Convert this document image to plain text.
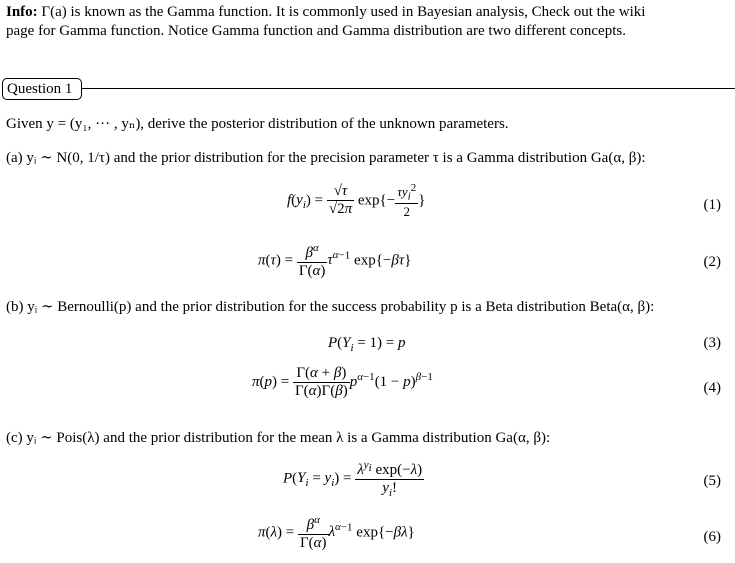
Info: Γ(a) is known as the Gamma function. It is commonly used in Bayesian analysis, Check out the wiki
page for Gamma function. Notice Gamma function and Gamma distribution are two different concepts.
Question 1
Given y = (y₁, ··· , yₙ), derive the posterior distribution of the unknown parameters.
(a) yᵢ ∼ N(0, 1/τ) and the prior distribution for the precision parameter τ is a Gamma distribution Ga(α, β):
$f(y_i) = \frac{√\tau}{√2\pi} \exp\{- \frac{\tau y_i^2}{2}$ }	(1)
$\pi(\tau) = \frac{\beta^\alpha}{\Gamma(\alpha)} \tau^{\alpha-1}$ exp{−βτ}	(2)
(b) yᵢ ∼ Bernoulli(p) and the prior distribution for the success probability p is a Beta distribution Beta(α, β):
$P(Y_i = 1) = p$	(3)
$\pi(p) = \frac{\Gamma(\alpha + \beta)}{\Gamma(\alpha)\Gamma(\beta)} p^{\alpha-1}(1 - p)^{\beta-1}$
(4)
(c) yᵢ ∼ Pois(λ) and the prior distribution for the mean λ is a Gamma distribution Ga(α, β):
$P(Y_i = y_i) = \frac{\lambda^{y_i} \exp(-\lambda)}{y_i!}$	(5)
$\pi(\lambda) = \frac{\beta^\alpha}{\Gamma(\alpha)} \lambda^{\alpha-1}$ exp{−βλ}	(6)
